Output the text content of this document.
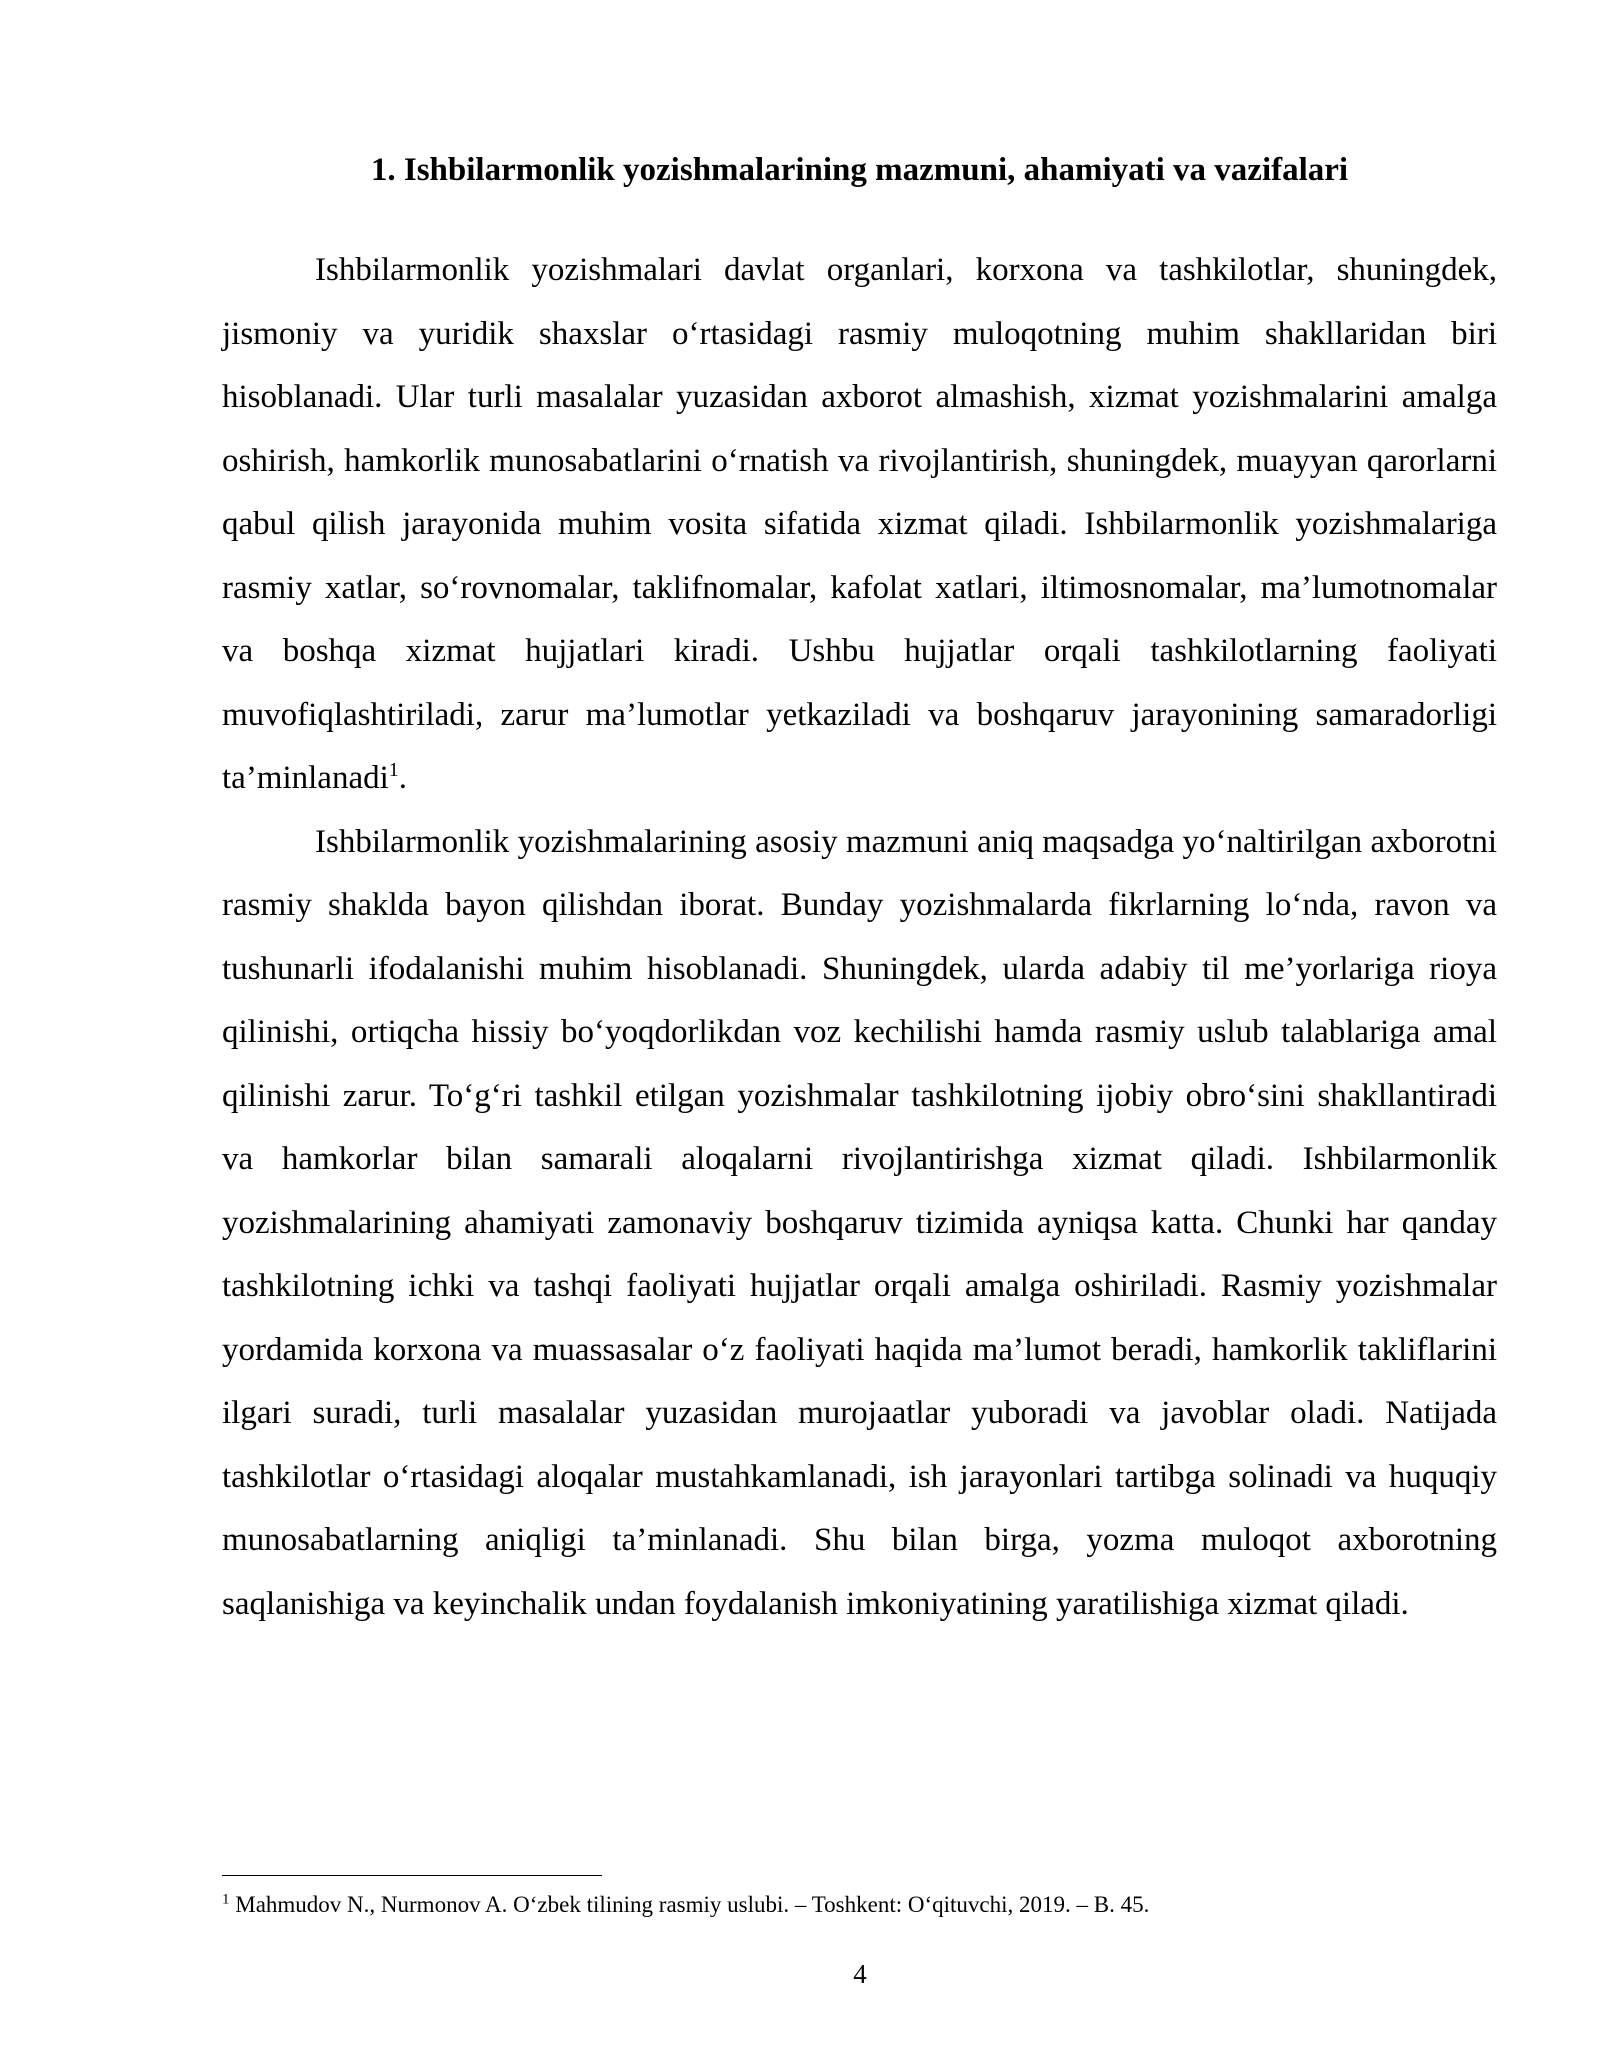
1. Ishbilarmonlik yozishmalarining mazmuni, ahamiyati va vazifalari

Ishbilarmonlik yozishmalari davlat organlari, korxona va tashkilotlar, shuningdek, jismoniy va yuridik shaxslar o‘rtasidagi rasmiy muloqotning muhim shakllaridan biri hisoblanadi. Ular turli masalalar yuzasidan axborot almashish, xizmat yozishmalarini amalga oshirish, hamkorlik munosabatlarini o‘rnatish va rivojlantirish, shuningdek, muayyan qarorlarni qabul qilish jarayonida muhim vosita sifatida xizmat qiladi. Ishbilarmonlik yozishmalariga rasmiy xatlar, so‘rovnomalar, taklifnomalar, kafolat xatlari, iltimosnomalar, ma’lumotnomalar va boshqa xizmat hujjatlari kiradi. Ushbu hujjatlar orqali tashkilotlarning faoliyati muvofiqlashtiriladi, zarur ma’lumotlar yetkaziladi va boshqaruv jarayonining samaradorligi ta’minlanadi$^1$.

Ishbilarmonlik yozishmalarining asosiy mazmuni aniq maqsadga yo‘naltirilgan axborotni rasmiy shaklda bayon qilishdan iborat. Bunday yozishmalarda fikrlarning lo‘nda, ravon va tushunarli ifodalanishi muhim hisoblanadi. Shuningdek, ularda adabiy til me’yorlariga rioya qilinishi, ortiqcha hissiy bo‘yoqdorlikdan voz kechilishi hamda rasmiy uslub talablariga amal qilinishi zarur. To‘g‘ri tashkil etilgan yozishmalar tashkilotning ijobiy obro‘sini shakllantiradi va hamkorlar bilan samarali aloqalarni rivojlantirishga xizmat qiladi. Ishbilarmonlik yozishmalarining ahamiyati zamonaviy boshqaruv tizimida ayniqsa katta. Chunki har qanday tashkilotning ichki va tashqi faoliyati hujjatlar orqali amalga oshiriladi. Rasmiy yozishmalar yordamida korxona va muassasalar o‘z faoliyati haqida ma’lumot beradi, hamkorlik takliflarini ilgari suradi, turli masalalar yuzasidan murojaatlar yuboradi va javoblar oladi. Natijada tashkilotlar o‘rtasidagi aloqalar mustahkamlanadi, ish jarayonlari tartibga solinadi va huquqiy munosabatlarning aniqligi ta’minlanadi. Shu bilan birga, yozma muloqot axborotning saqlanishiga va keyinchalik undan foydalanish imkoniyatining yaratilishiga xizmat qiladi.

$^1$ Mahmudov N., Nurmonov A. O‘zbek tilining rasmiy uslubi. – Toshkent: O‘qituvchi, 2019. – B. 45.

4
